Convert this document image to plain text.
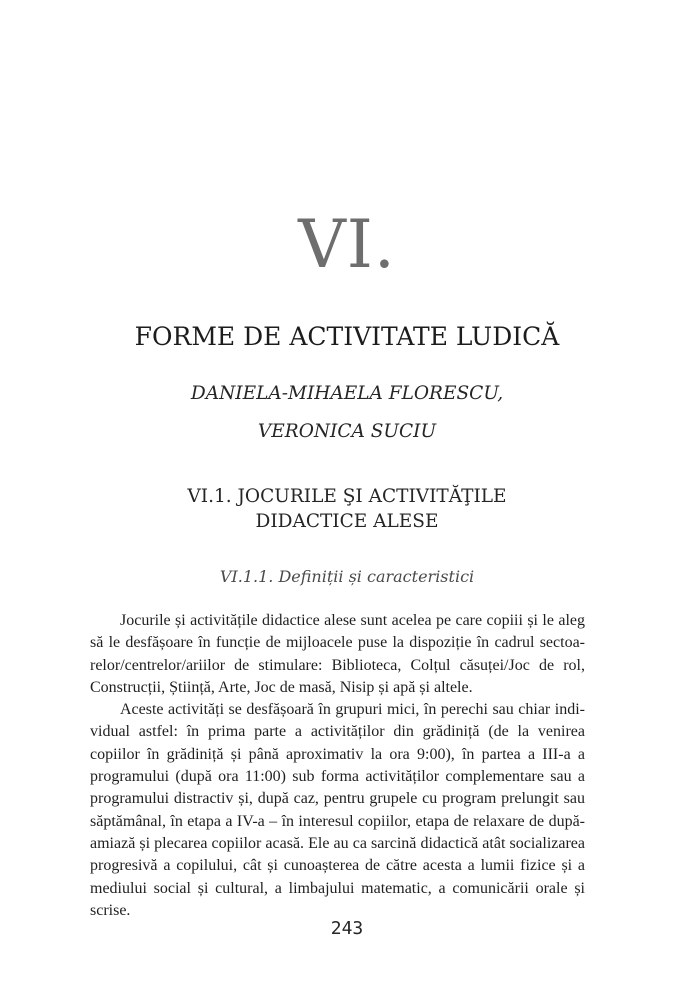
VI.
FORME DE ACTIVITATE LUDICĂ
DANIELA-MIHAELA FLORESCU,
VERONICA SUCIU
VI.1. JOCURILE ŞI ACTIVITĂŢILE
DIDACTICE ALESE
VI.1.1. Definiții și caracteristici

Jocurile și activitățile didactice alese sunt acelea pe care copiii și le aleg să le desfășoare în funcție de mijloacele puse la dispoziție în cadrul sectoarelor/centrelor/ariilor de stimulare: Biblioteca, Colțul căsuței/Joc de rol, Construcții, Știință, Arte, Joc de masă, Nisip și apă și altele.

Aceste activități se desfășoară în grupuri mici, în perechi sau chiar individual astfel: în prima parte a activităților din grădiniță (de la venirea copiilor în grădiniță și până aproximativ la ora 9:00), în partea a III-a a programului (după ora 11:00) sub forma activităților complementare sau a programului distractiv și, după caz, pentru grupele cu program prelungit sau săptămânal, în etapa a IV-a – în interesul copiilor, etapa de relaxare de după-amiază și plecarea copiilor acasă. Ele au ca sarcină didactică atât socializarea progresivă a copilului, cât și cunoașterea de către acesta a lumii fizice și a mediului social și cultural, a limbajului matematic, a comunicării orale și scrise.

243
